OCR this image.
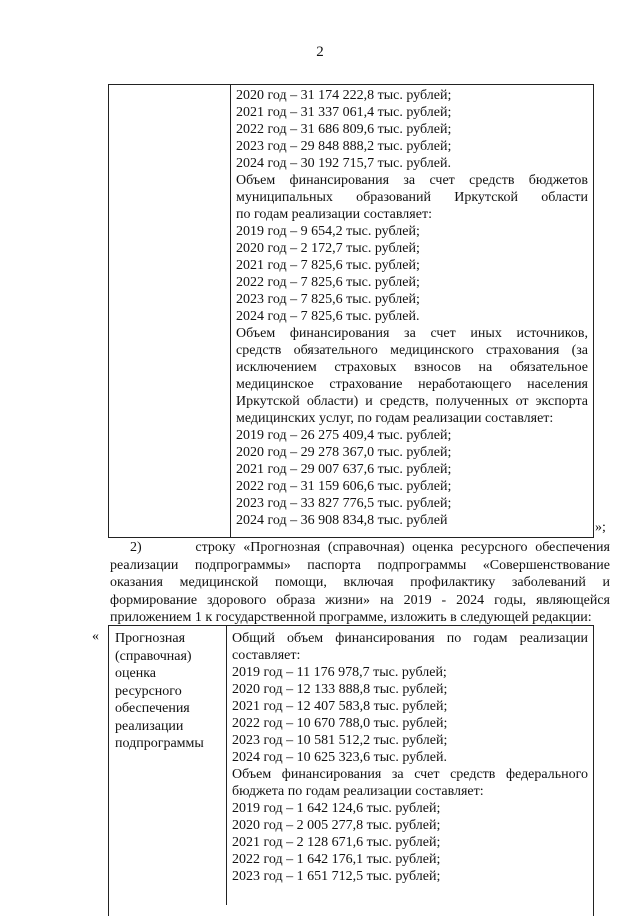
2
2020 год – 31 174 222,8 тыс. рублей;
2021 год – 31 337 061,4 тыс. рублей;
2022 год – 31 686 809,6 тыс. рублей;
2023 год – 29 848 888,2 тыс. рублей;
2024 год – 30 192 715,7 тыс. рублей.
Объем финансирования за счет средств бюджетов
муниципальных образований Иркутской области
по годам реализации составляет:
2019 год – 9 654,2 тыс. рублей;
2020 год – 2 172,7 тыс. рублей;
2021 год – 7 825,6 тыс. рублей;
2022 год – 7 825,6 тыс. рублей;
2023 год – 7 825,6 тыс. рублей;
2024 год – 7 825,6 тыс. рублей.
Объем финансирования за счет иных источников,
средств обязательного медицинского страхования (за
исключением страховых взносов на обязательное
медицинское страхование неработающего населения
Иркутской области) и средств, полученных от экспорта
медицинских услуг, по годам реализации составляет:
2019 год – 26 275 409,4 тыс. рублей;
2020 год – 29 278 367,0 тыс. рублей;
2021 год – 29 007 637,6 тыс. рублей;
2022 год – 31 159 606,6 тыс. рублей;
2023 год – 33 827 776,5 тыс. рублей;
2024 год – 36 908 834,8 тыс. рублей	»;
2)       строку «Прогнозная (справочная) оценка ресурсного обеспечения
реализации подпрограммы» паспорта подпрограммы «Совершенствование
оказания медицинской помощи, включая профилактику заболеваний и
формирование здорового образа жизни» на 2019 - 2024 годы, являющейся
приложением 1 к государственной программе, изложить в следующей редакции:
« Прогнозная
(справочная)
оценка
ресурсного
обеспечения
реализации
подпрограммы
Общий объем финансирования по годам реализации
составляет:
2019 год – 11 176 978,7 тыс. рублей;
2020 год – 12 133 888,8 тыс. рублей;
2021 год – 12 407 583,8 тыс. рублей;
2022 год – 10 670 788,0 тыс. рублей;
2023 год – 10 581 512,2 тыс. рублей;
2024 год – 10 625 323,6 тыс. рублей.
Объем финансирования за счет средств федерального
бюджета по годам реализации составляет:
2019 год – 1 642 124,6 тыс. рублей;
2020 год – 2 005 277,8 тыс. рублей;
2021 год – 2 128 671,6 тыс. рублей;
2022 год – 1 642 176,1 тыс. рублей;
2023 год – 1 651 712,5 тыс. рублей;
